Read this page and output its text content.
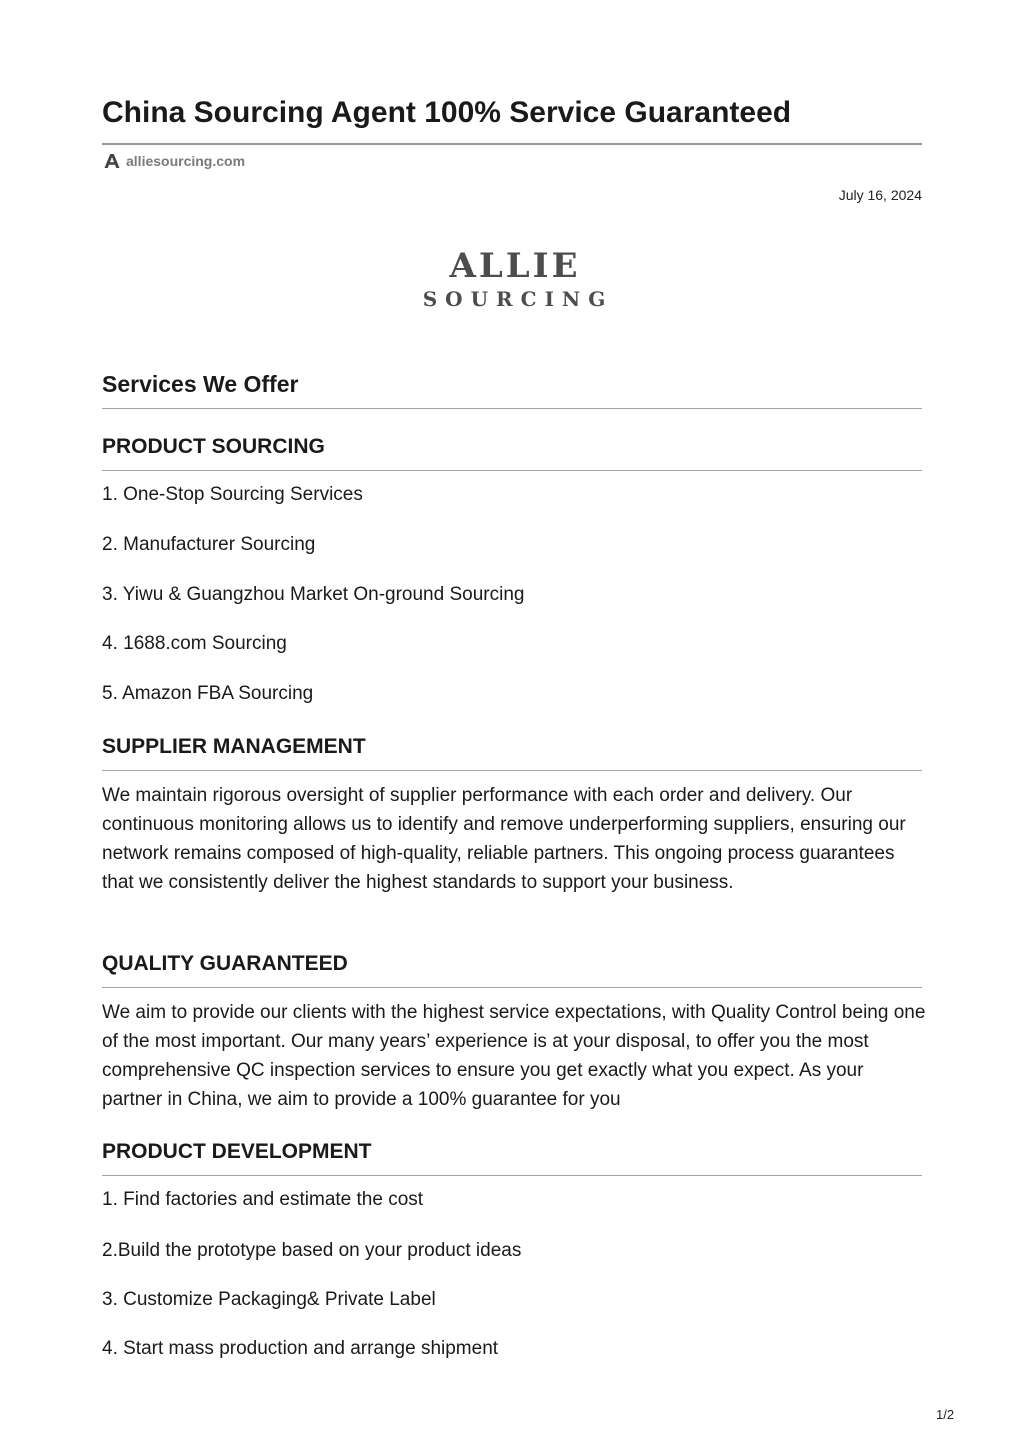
China Sourcing Agent 100% Service Guaranteed
alliesourcing.com
July 16, 2024
ALLIE
SOURCING
Services We Offer
PRODUCT SOURCING
1. One-Stop Sourcing Services
2. Manufacturer Sourcing
3. Yiwu & Guangzhou Market On-ground Sourcing
4. 1688.com Sourcing
5. Amazon FBA Sourcing
SUPPLIER MANAGEMENT

We maintain rigorous oversight of supplier performance with each order and delivery. Our continuous monitoring allows us to identify and remove underperforming suppliers, ensuring our network remains composed of high-quality, reliable partners. This ongoing process guarantees that we consistently deliver the highest standards to support your business.

QUALITY GUARANTEED

We aim to provide our clients with the highest service expectations, with Quality Control being one of the most important. Our many years’ experience is at your disposal, to offer you the most comprehensive QC inspection services to ensure you get exactly what you expect. As your partner in China, we aim to provide a 100% guarantee for you

PRODUCT DEVELOPMENT
1. Find factories and estimate the cost
2.Build the prototype based on your product ideas
3. Customize Packaging& Private Label
4. Start mass production and arrange shipment
1/2
